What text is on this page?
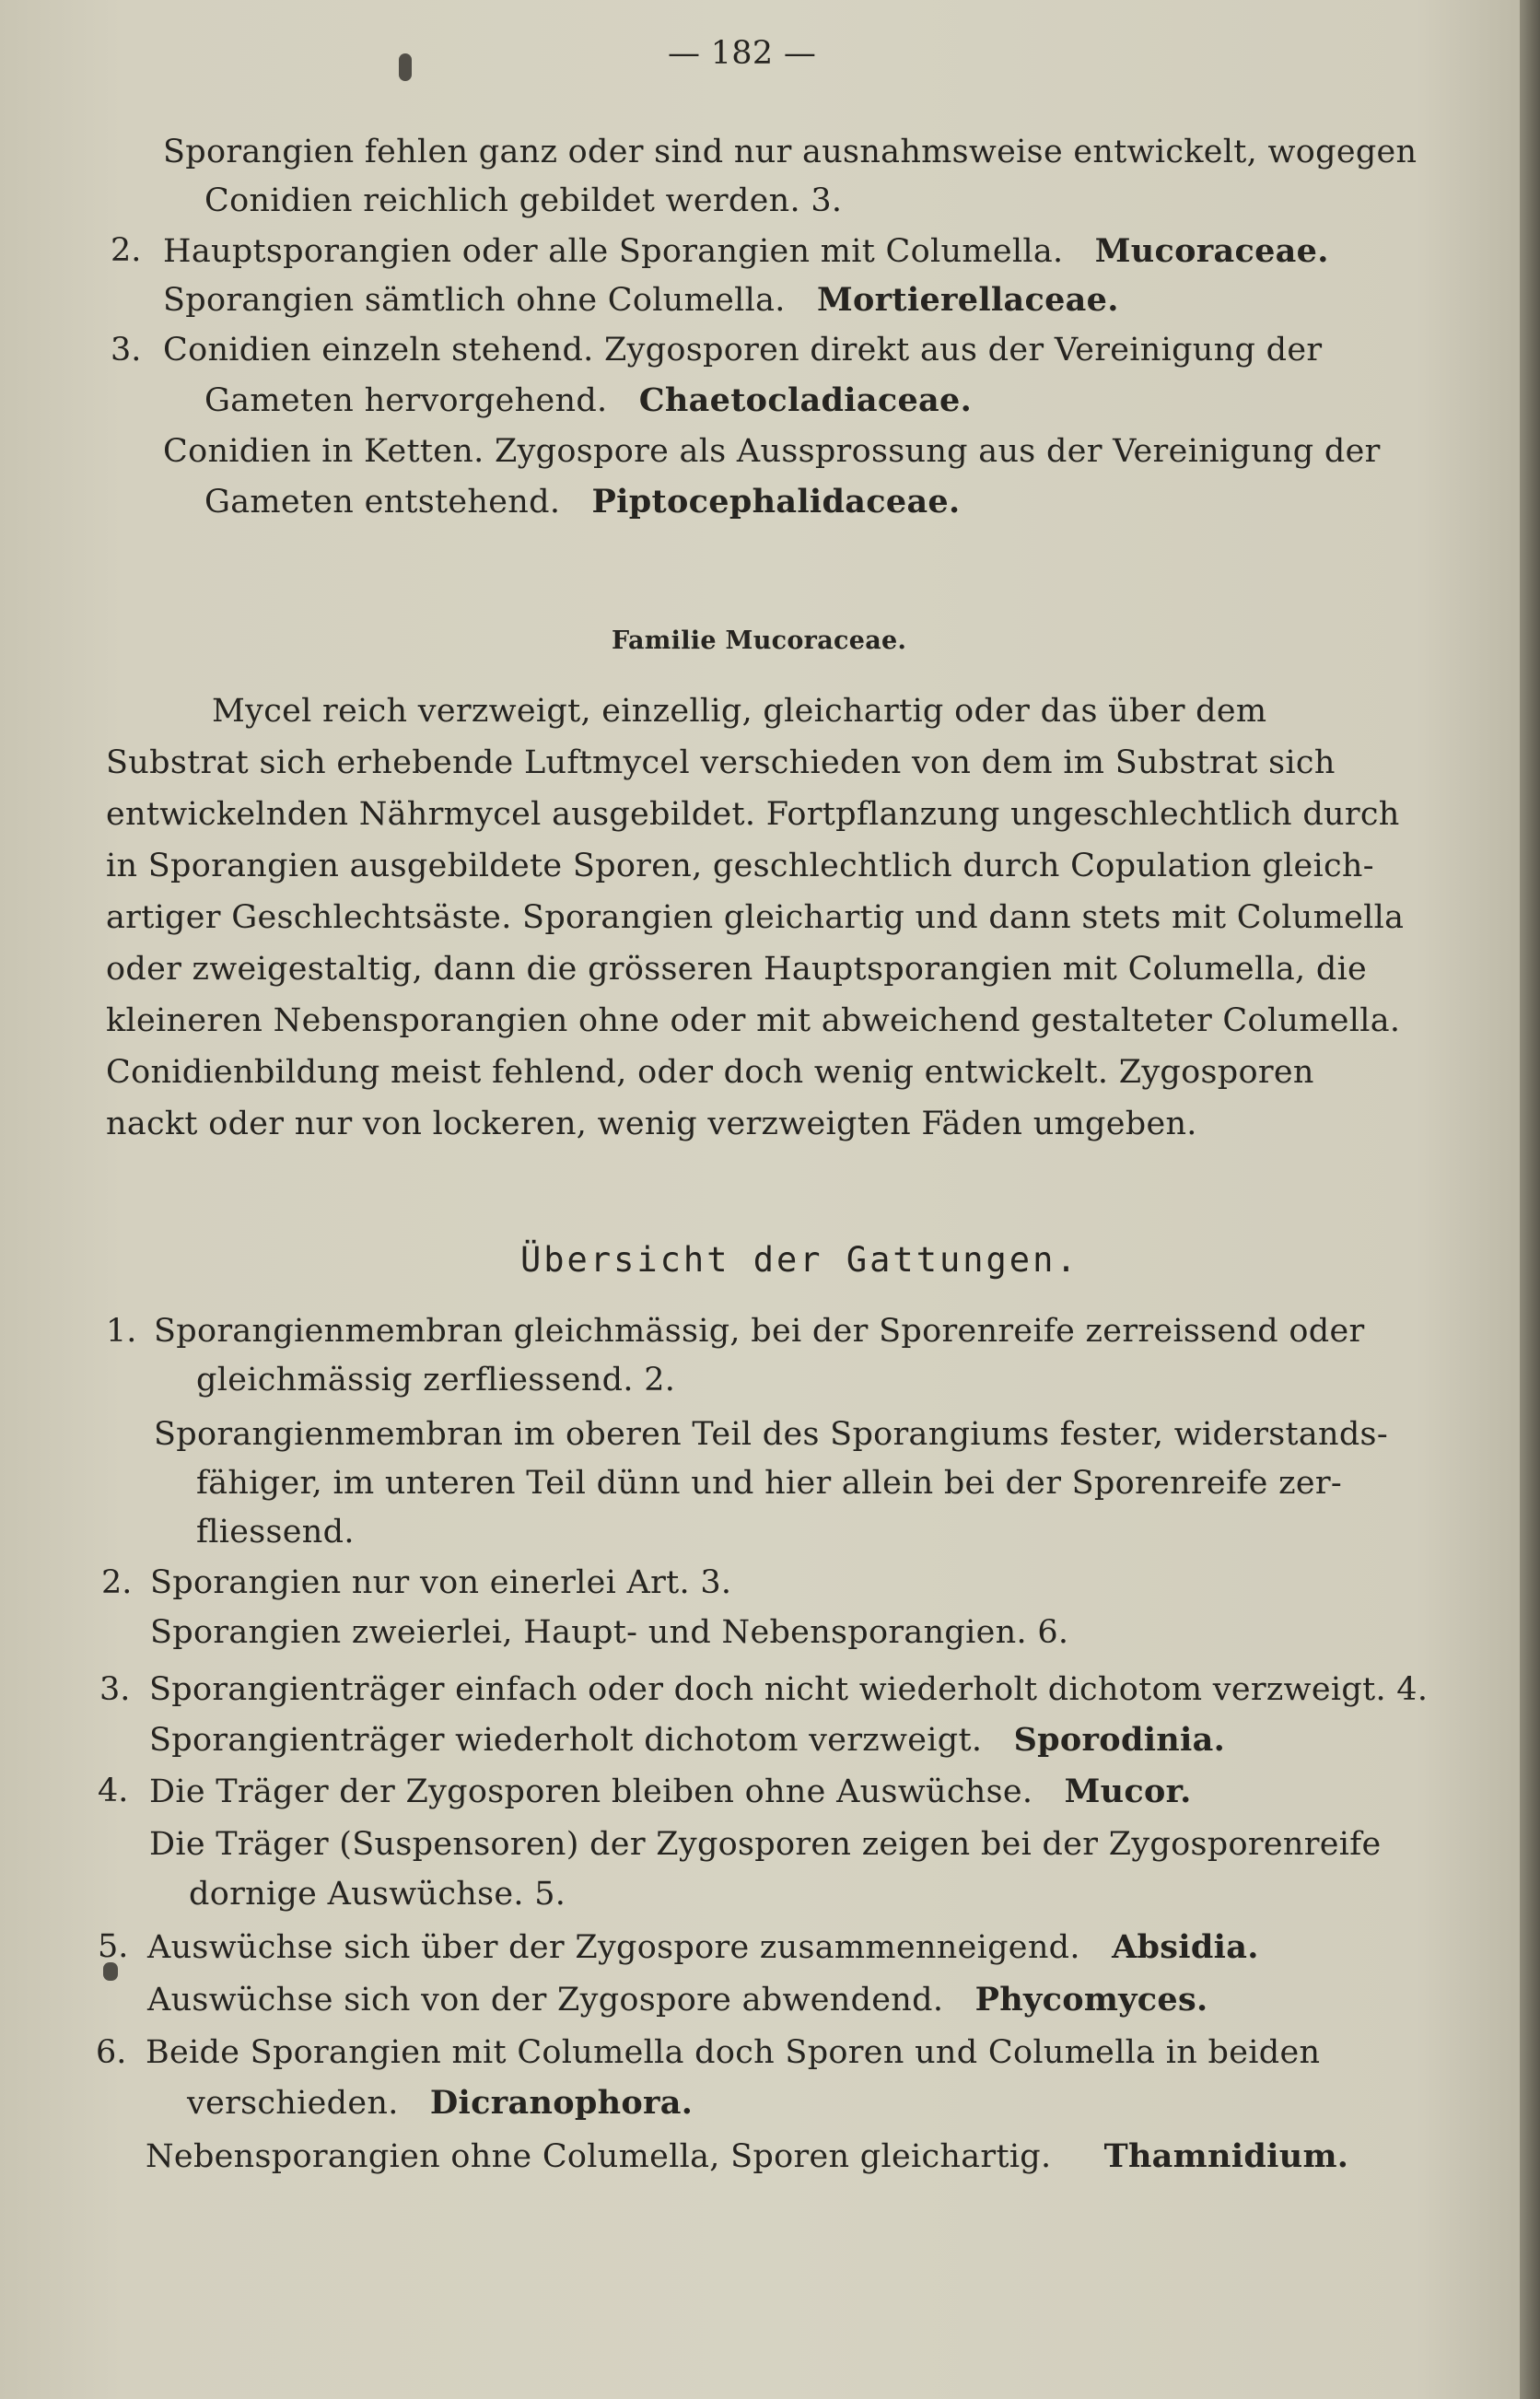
— 182 —
Sporangien fehlen ganz oder sind nur ausnahmsweise entwickelt, wogegen
Conidien reichlich gebildet werden. 3.
2. Hauptsporangien oder alle Sporangien mit Columella. Mucoraceae.
Sporangien sämtlich ohne Columella. Mortierellaceae.
3. Conidien einzeln stehend. Zygosporen direkt aus der Vereinigung der
Gameten hervorgehend. Chaetocladiaceae.
Conidien in Ketten. Zygospore als Aussprossung aus der Vereinigung der
Gameten entstehend. Piptocephalidaceae.
Familie Mucoraceae.
Mycel reich verzweigt, einzellig, gleichartig oder das über dem
Substrat sich erhebende Luftmycel verschieden von dem im Substrat sich
entwickelnden Nährmycel ausgebildet. Fortpflanzung ungeschlechtlich durch
in Sporangien ausgebildete Sporen, geschlechtlich durch Copulation gleich-
artiger Geschlechtsäste. Sporangien gleichartig und dann stets mit Columella
oder zweigestaltig, dann die grösseren Hauptsporangien mit Columella, die
kleineren Nebensporangien ohne oder mit abweichend gestalteter Columella.
Conidienbildung meist fehlend, oder doch wenig entwickelt. Zygosporen
nackt oder nur von lockeren, wenig verzweigten Fäden umgeben.
Übersicht der Gattungen.
1. Sporangienmembran gleichmässig, bei der Sporenreife zerreissend oder
gleichmässig zerfliessend. 2.
Sporangienmembran im oberen Teil des Sporangiums fester, widerstands-
fähiger, im unteren Teil dünn und hier allein bei der Sporenreife zer-
fliessend.
2. Sporangien nur von einerlei Art. 3.
Sporangien zweierlei, Haupt- und Nebensporangien. 6.
3. Sporangienträger einfach oder doch nicht wiederholt dichotom verzweigt. 4.
Sporangienträger wiederholt dichotom verzweigt. Sporodinia.
4. Die Träger der Zygosporen bleiben ohne Auswüchse. Mucor.
Die Träger (Suspensoren) der Zygosporen zeigen bei der Zygosporenreife
dornige Auswüchse. 5.
5. Auswüchse sich über der Zygospore zusammenneigend. Absidia.
Auswüchse sich von der Zygospore abwendend. Phycomyces.
6. Beide Sporangien mit Columella doch Sporen und Columella in beiden
verschieden. Dicranophora.
Nebensporangien ohne Columella, Sporen gleichartig. Thamnidium.
